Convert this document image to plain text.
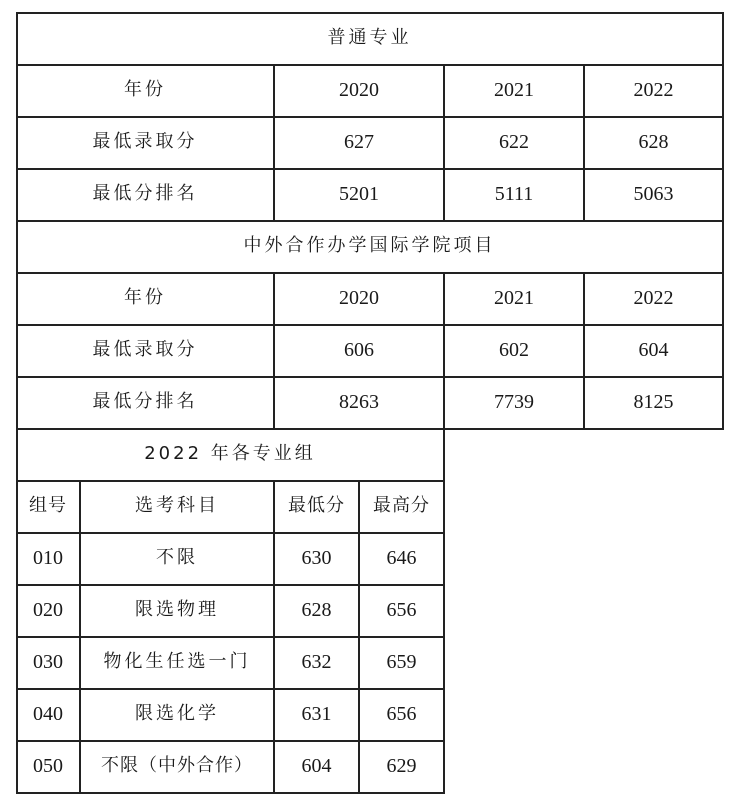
普通专业
年份	2020	2021	2022
最低录取分	627	622	628
最低分排名	5201	5111	5063
中外合作办学国际学院项目
年份	2020	2021	2022
最低录取分	606	602	604
最低分排名	8263	7739	8125
2022 年各专业组
组号	选考科目	最低分	最高分
010	不限	630	646
020	限选物理	628	656
030	物化生任选一门	632	659
040	限选化学	631	656
050	不限（中外合作）	604	629
